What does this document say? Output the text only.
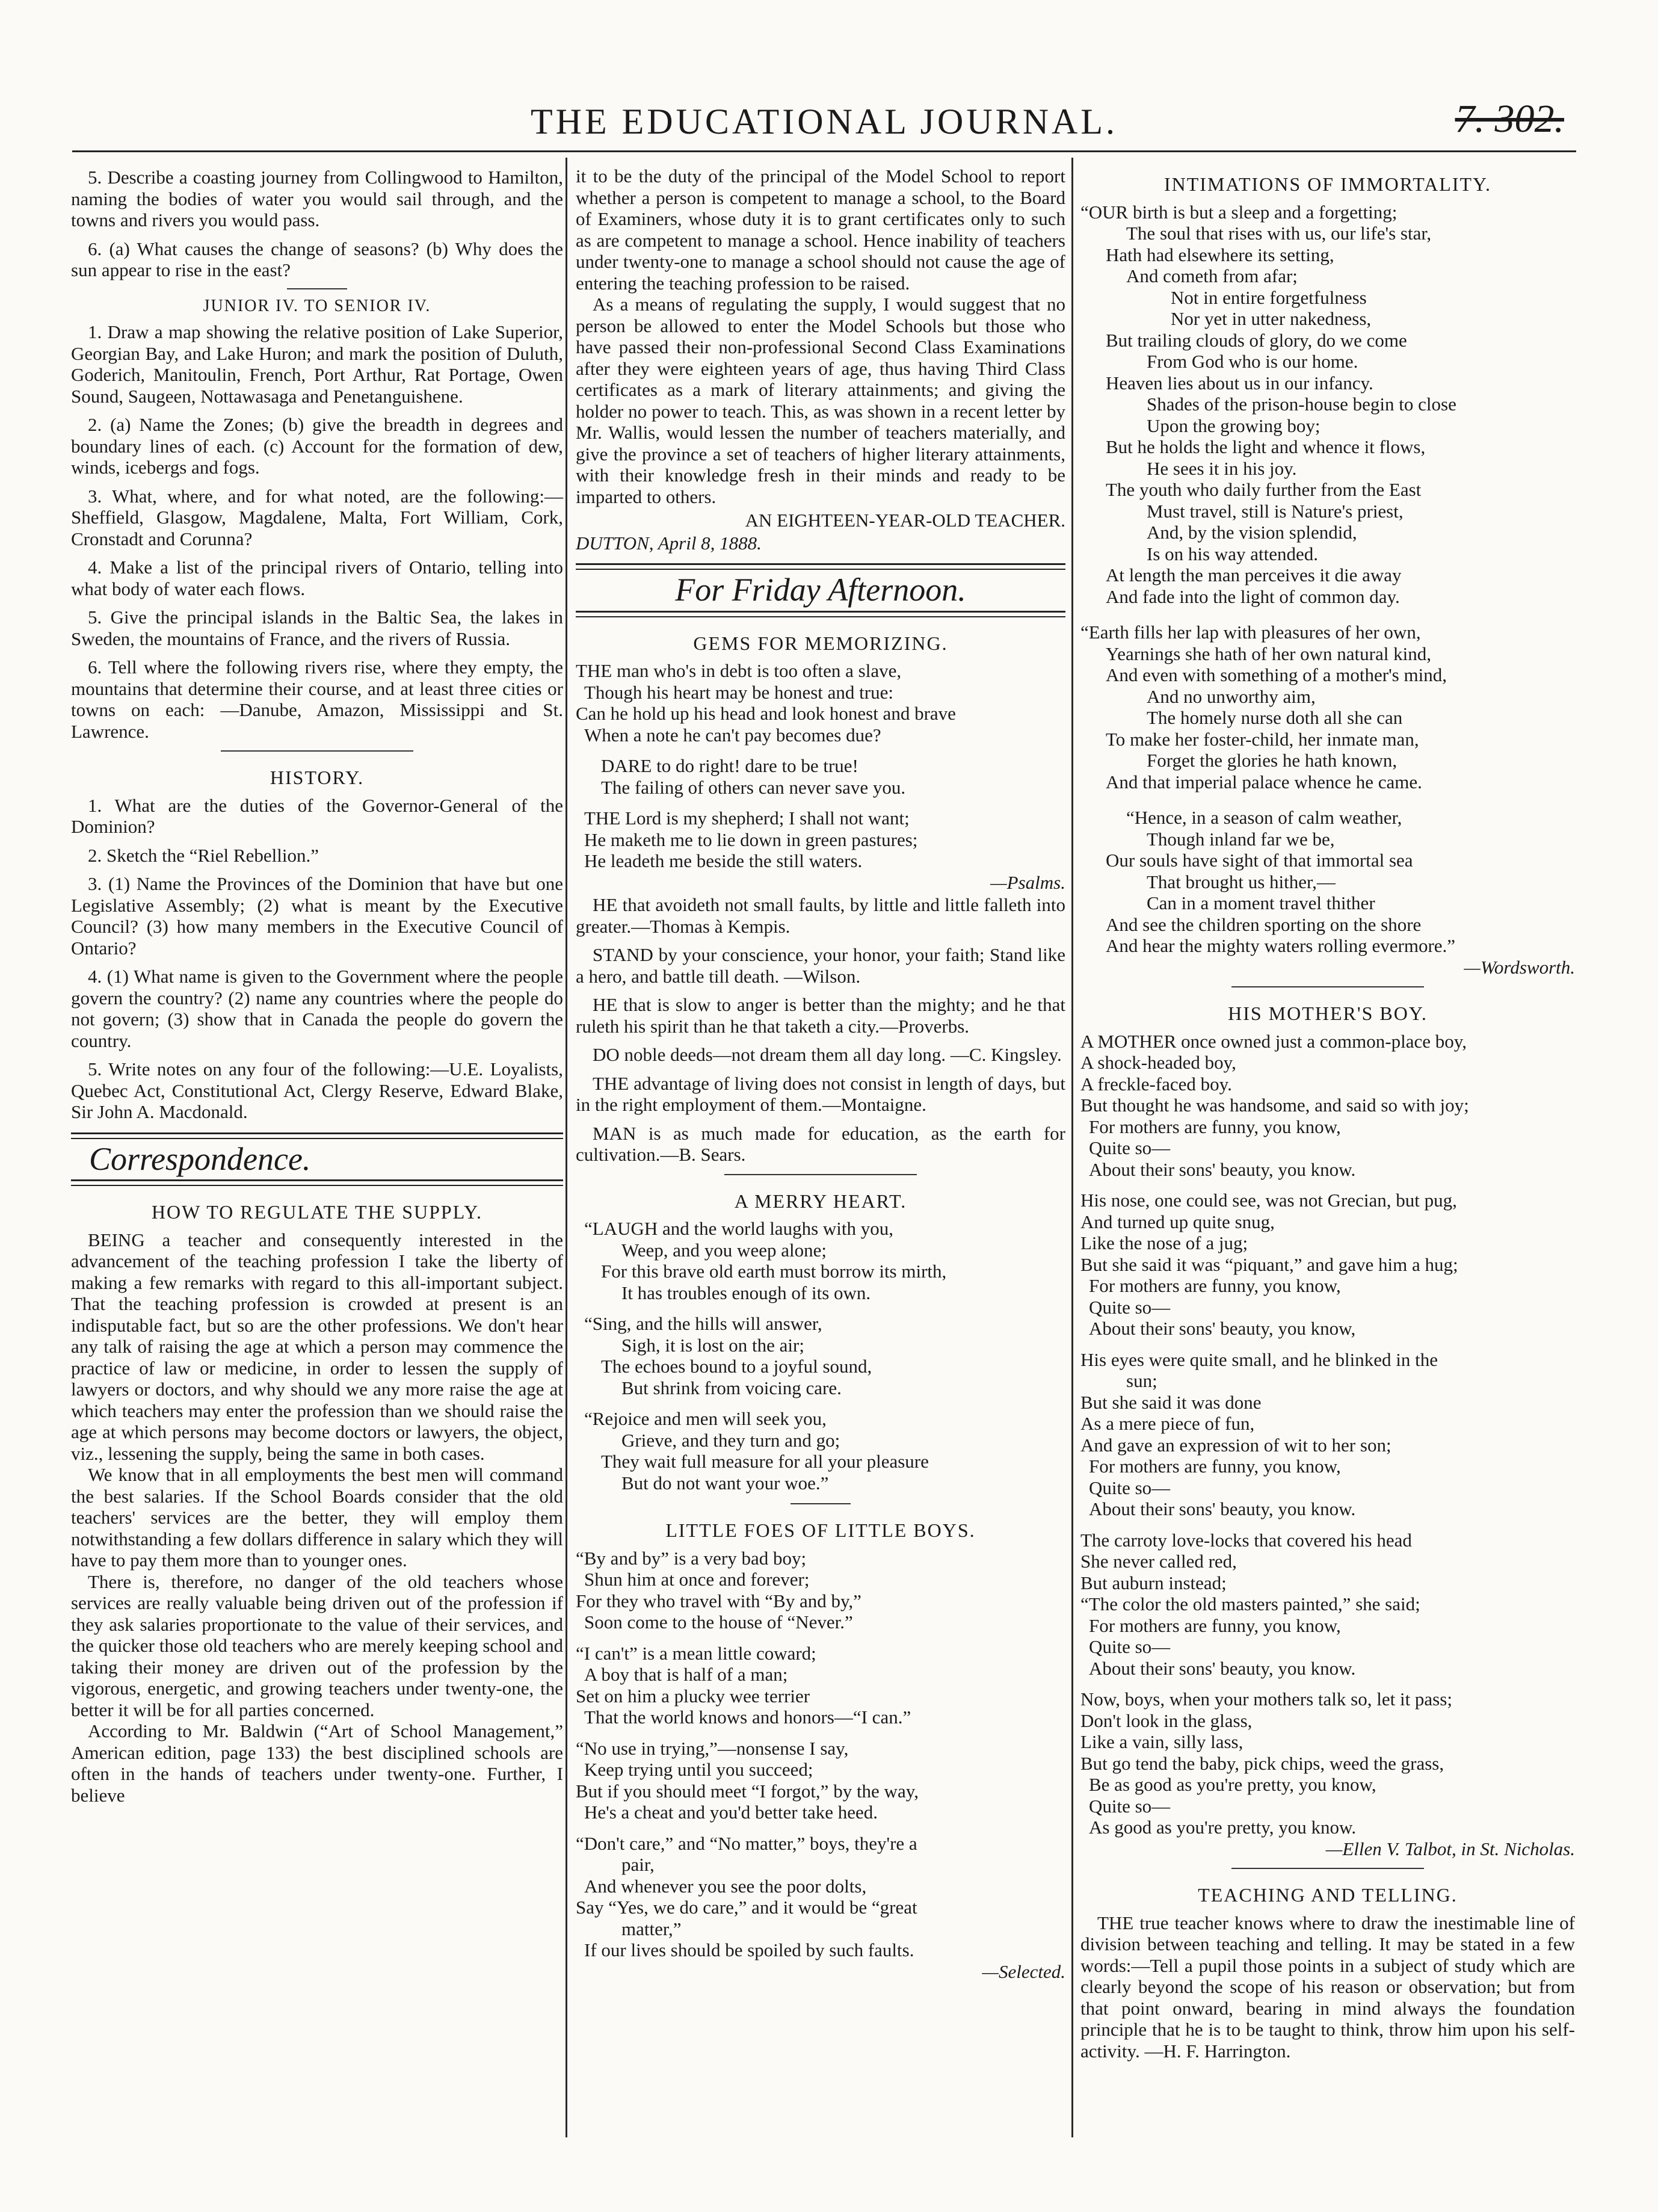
THE EDUCATIONAL JOURNAL.	7. 302.

5. Describe a coasting journey from Collingwood to Hamilton, naming the bodies of water you would sail through, and the towns and rivers you would pass.

6. (a) What causes the change of seasons? (b) Why does the sun appear to rise in the east?

JUNIOR IV. TO SENIOR IV.

1. Draw a map showing the relative position of Lake Superior, Georgian Bay, and Lake Huron; and mark the position of Duluth, Goderich, Manitoulin, French, Port Arthur, Rat Portage, Owen Sound, Saugeen, Nottawasaga and Penetanguishene.

2. (a) Name the Zones; (b) give the breadth in degrees and boundary lines of each. (c) Account for the formation of dew, winds, icebergs and fogs.

3. What, where, and for what noted, are the following:—Sheffield, Glasgow, Magdalene, Malta, Fort William, Cork, Cronstadt and Corunna?

4. Make a list of the principal rivers of Ontario, telling into what body of water each flows.

5. Give the principal islands in the Baltic Sea, the lakes in Sweden, the mountains of France, and the rivers of Russia.

6. Tell where the following rivers rise, where they empty, the mountains that determine their course, and at least three cities or towns on each: —Danube, Amazon, Mississippi and St. Lawrence.

HISTORY.

1. What are the duties of the Governor-General of the Dominion?

2. Sketch the “Riel Rebellion.”

3. (1) Name the Provinces of the Dominion that have but one Legislative Assembly; (2) what is meant by the Executive Council? (3) how many members in the Executive Council of Ontario?

4. (1) What name is given to the Government where the people govern the country? (2) name any countries where the people do not govern; (3) show that in Canada the people do govern the country.

5. Write notes on any four of the following:—U.E. Loyalists, Quebec Act, Constitutional Act, Clergy Reserve, Edward Blake, Sir John A. Macdonald.

Correspondence.
HOW TO REGULATE THE SUPPLY.

BEING a teacher and consequently interested in the advancement of the teaching profession I take the liberty of making a few remarks with regard to this all-important subject. That the teaching profession is crowded at present is an indisputable fact, but so are the other professions. We don't hear any talk of raising the age at which a person may commence the practice of law or medicine, in order to lessen the supply of lawyers or doctors, and why should we any more raise the age at which teachers may enter the profession than we should raise the age at which persons may become doctors or lawyers, the object, viz., lessening the supply, being the same in both cases.

We know that in all employments the best men will command the best salaries. If the School Boards consider that the old teachers' services are the better, they will employ them notwithstanding a few dollars difference in salary which they will have to pay them more than to younger ones.

There is, therefore, no danger of the old teachers whose services are really valuable being driven out of the profession if they ask salaries proportionate to the value of their services, and the quicker those old teachers who are merely keeping school and taking their money are driven out of the profession by the vigorous, energetic, and growing teachers under twenty-one, the better it will be for all parties concerned.

According to Mr. Baldwin (“Art of School Management,” American edition, page 133) the best disciplined schools are often in the hands of teachers under twenty-one. Further, I believe

it to be the duty of the principal of the Model School to report whether a person is competent to manage a school, to the Board of Examiners, whose duty it is to grant certificates only to such as are competent to manage a school. Hence inability of teachers under twenty-one to manage a school should not cause the age of entering the teaching profession to be raised.

As a means of regulating the supply, I would suggest that no person be allowed to enter the Model Schools but those who have passed their non-professional Second Class Examinations after they were eighteen years of age, thus having Third Class certificates as a mark of literary attainments; and giving the holder no power to teach. This, as was shown in a recent letter by Mr. Wallis, would lessen the number of teachers materially, and give the province a set of teachers of higher literary attainments, with their knowledge fresh in their minds and ready to be imparted to others.

AN EIGHTEEN-YEAR-OLD TEACHER.

DUTTON, April 8, 1888.

For Friday Afternoon.
GEMS FOR MEMORIZING.
THE man who's in debt is too often a slave,
Though his heart may be honest and true:
Can he hold up his head and look honest and brave
When a note he can't pay becomes due?
DARE to do right! dare to be true!
The failing of others can never save you.
THE Lord is my shepherd; I shall not want;
He maketh me to lie down in green pastures;
He leadeth me beside the still waters.

—Psalms.

HE that avoideth not small faults, by little and little falleth into greater.—Thomas à Kempis.

STAND by your conscience, your honor, your faith; Stand like a hero, and battle till death. —Wilson.

HE that is slow to anger is better than the mighty; and he that ruleth his spirit than he that taketh a city.—Proverbs.

DO noble deeds—not dream them all day long. —C. Kingsley.

THE advantage of living does not consist in length of days, but in the right employment of them.—Montaigne.

MAN is as much made for education, as the earth for cultivation.—B. Sears.

A MERRY HEART.
“LAUGH and the world laughs with you,
Weep, and you weep alone;
For this brave old earth must borrow its mirth,
It has troubles enough of its own.
“Sing, and the hills will answer,
Sigh, it is lost on the air;
The echoes bound to a joyful sound,
But shrink from voicing care.
“Rejoice and men will seek you,
Grieve, and they turn and go;
They wait full measure for all your pleasure
But do not want your woe.”
LITTLE FOES OF LITTLE BOYS.
“By and by” is a very bad boy;
Shun him at once and forever;
For they who travel with “By and by,”
Soon come to the house of “Never.”
“I can't” is a mean little coward;
A boy that is half of a man;
Set on him a plucky wee terrier
That the world knows and honors—“I can.”
“No use in trying,”—nonsense I say,
Keep trying until you succeed;
But if you should meet “I forgot,” by the way,
He's a cheat and you'd better take heed.
“Don't care,” and “No matter,” boys, they're a
pair,
And whenever you see the poor dolts,
Say “Yes, we do care,” and it would be “great
matter,”
If our lives should be spoiled by such faults.

—Selected.

INTIMATIONS OF IMMORTALITY.
“OUR birth is but a sleep and a forgetting;
The soul that rises with us, our life's star,
Hath had elsewhere its setting,
And cometh from afar;
Not in entire forgetfulness
Nor yet in utter nakedness,
But trailing clouds of glory, do we come
From God who is our home.
Heaven lies about us in our infancy.
Shades of the prison-house begin to close
Upon the growing boy;
But he holds the light and whence it flows,
He sees it in his joy.
The youth who daily further from the East
Must travel, still is Nature's priest,
And, by the vision splendid,
Is on his way attended.
At length the man perceives it die away
And fade into the light of common day.
“Earth fills her lap with pleasures of her own,
Yearnings she hath of her own natural kind,
And even with something of a mother's mind,
And no unworthy aim,
The homely nurse doth all she can
To make her foster-child, her inmate man,
Forget the glories he hath known,
And that imperial palace whence he came.
“Hence, in a season of calm weather,
Though inland far we be,
Our souls have sight of that immortal sea
That brought us hither,—
Can in a moment travel thither
And see the children sporting on the shore
And hear the mighty waters rolling evermore.”

—Wordsworth.

HIS MOTHER'S BOY.
A MOTHER once owned just a common-place boy,
A shock-headed boy,
A freckle-faced boy.
But thought he was handsome, and said so with joy;
For mothers are funny, you know,
Quite so—
About their sons' beauty, you know.
His nose, one could see, was not Grecian, but pug,
And turned up quite snug,
Like the nose of a jug;
But she said it was “piquant,” and gave him a hug;
For mothers are funny, you know,
Quite so—
About their sons' beauty, you know,
His eyes were quite small, and he blinked in the
sun;
But she said it was done
As a mere piece of fun,
And gave an expression of wit to her son;
For mothers are funny, you know,
Quite so—
About their sons' beauty, you know.
The carroty love-locks that covered his head
She never called red,
But auburn instead;
“The color the old masters painted,” she said;
For mothers are funny, you know,
Quite so—
About their sons' beauty, you know.
Now, boys, when your mothers talk so, let it pass;
Don't look in the glass,
Like a vain, silly lass,
But go tend the baby, pick chips, weed the grass,
Be as good as you're pretty, you know,
Quite so—
As good as you're pretty, you know.

—Ellen V. Talbot, in St. Nicholas.

TEACHING AND TELLING.

THE true teacher knows where to draw the inestimable line of division between teaching and telling. It may be stated in a few words:—Tell a pupil those points in a subject of study which are clearly beyond the scope of his reason or observation; but from that point onward, bearing in mind always the foundation principle that he is to be taught to think, throw him upon his self-activity. —H. F. Harrington.
